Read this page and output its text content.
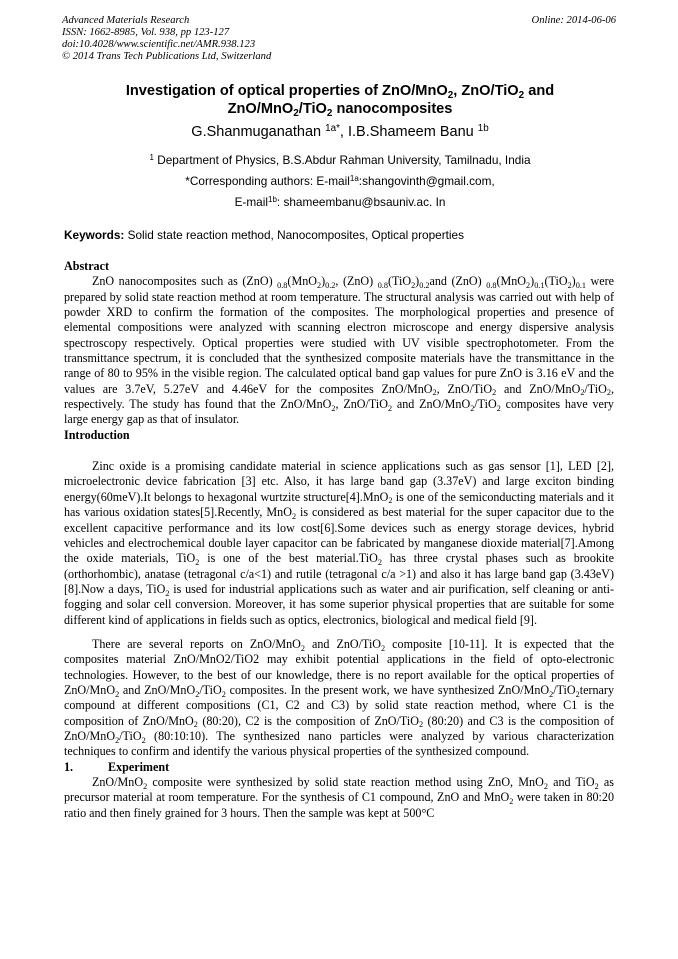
Advanced Materials Research
ISSN: 1662-8985, Vol. 938, pp 123-127
doi:10.4028/www.scientific.net/AMR.938.123
© 2014 Trans Tech Publications Ltd, Switzerland
Online: 2014-06-06
Investigation of optical properties of ZnO/MnO$_2$, ZnO/TiO$_2$ and
ZnO/MnO$_2$/TiO$_2$ nanocomposites
G.Shanmuganathan $^{1a*}$, I.B.Shameem Banu $^{1b}$
$^1$ Department of Physics, B.S.Abdur Rahman University, Tamilnadu, India
*Corresponding authors: E-mail$^{1a}$:shangovinth@gmail.com,
E-mail$^{1b}$: shameembanu@bsauniv.ac. In
Keywords: Solid state reaction method, Nanocomposites, Optical properties

Abstract

ZnO nanocomposites such as (ZnO) $_{0.8}(MnO_2)_{0.2}$, (ZnO) $_{0.8}(TiO_2)_{0.2}and$ (ZnO) $_{0.8}(MnO_2)_{0.1}(TiO_2)_{0.1}$ were prepared by solid state reaction method at room temperature. The structural analysis was carried out with help of powder XRD to confirm the formation of the composites. The morphological properties and presence of elemental compositions were analyzed with scanning electron microscope and energy dispersive analysis spectroscopy respectively. Optical properties were studied with UV visible spectrophotometer. From the transmittance spectrum, it is concluded that the synthesized composite materials have the transmittance in the range of 80 to 95% in the visible region. The calculated optical band gap values for pure ZnO is 3.16 eV and the values are 3.7eV, 5.27eV and 4.46eV for the composites ZnO/MnO$_2$, ZnO/TiO$_2$ and ZnO/MnO$_2$/TiO$_2$, respectively. The study has found that the ZnO/MnO$_2$, ZnO/TiO$_2$ and ZnO/MnO$_2$/TiO$_2$ composites have very large energy gap as that of insulator.

Introduction

Zinc oxide is a promising candidate material in science applications such as gas sensor [1], LED [2], microelectronic device fabrication [3] etc. Also, it has large band gap (3.37eV) and large exciton binding energy(60meV).It belongs to hexagonal wurtzite structure[4].MnO$_2$ is one of the semiconducting materials and it has various oxidation states[5].Recently, MnO$_2$ is considered as best material for the super capacitor due to the excellent capacitive performance and its low cost[6].Some devices such as energy storage devices, hybrid vehicles and electrochemical double layer capacitor can be fabricated by manganese dioxide material[7].Among the oxide materials, TiO$_2$ is one of the best material.TiO$_2$ has three crystal phases such as brookite (orthorhombic), anatase (tetragonal c/a<1) and rutile (tetragonal c/a >1) and also it has large band gap (3.43eV) [8].Now a days, TiO$_2$ is used for industrial applications such as water and air purification, self cleaning or anti-fogging and solar cell conversion. Moreover, it has some superior physical properties that are suitable for some different kind of applications in fields such as optics, electronics, biological and medical field [9].

There are several reports on ZnO/MnO$_2$ and ZnO/TiO$_2$ composite [10-11]. It is expected that the composites material ZnO/MnO2/TiO2 may exhibit potential applications in the field of opto-electronic technologies. However, to the best of our knowledge, there is no report available for the optical properties of ZnO/MnO$_2$ and ZnO/MnO$_2$/TiO$_2$ composites. In the present work, we have synthesized ZnO/MnO$_2$/TiO$_2$ternary compound at different compositions (C1, C2 and C3) by solid state reaction method, where C1 is the composition of ZnO/MnO$_2$ (80:20), C2 is the composition of ZnO/TiO$_2$ (80:20) and C3 is the composition of ZnO/MnO$_2$/TiO$_2$ (80:10:10). The synthesized nano particles were analyzed by various characterization techniques to confirm and identify the various physical properties of the synthesized compound.

1.	Experiment

ZnO/MnO$_2$ composite were synthesized by solid state reaction method using ZnO, MnO$_2$ and TiO$_2$ as precursor material at room temperature. For the synthesis of C1 compound, ZnO and MnO$_2$ were taken in 80:20 ratio and then finely grained for 3 hours. Then the sample was kept at 500°C
